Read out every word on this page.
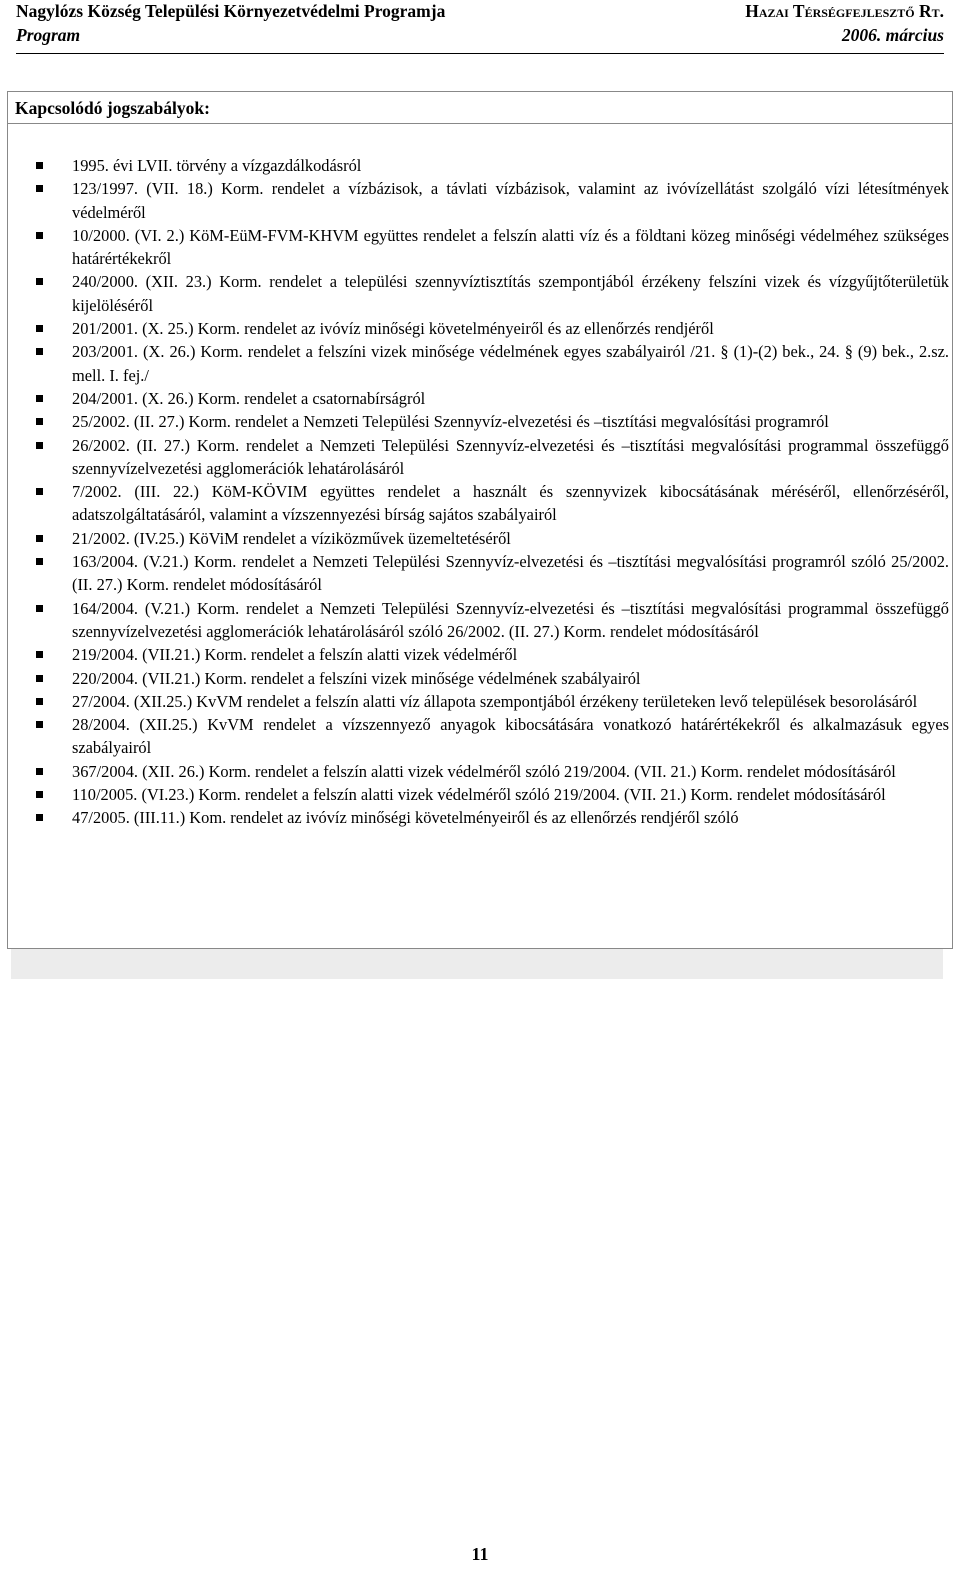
Nagylózs Község Települési Környezetvédelmi Programja	Hazai Térségfejlesztő Rt.
Program	2006. március
Kapcsolódó jogszabályok:
1995. évi LVII. törvény a vízgazdálkodásról
123/1997. (VII. 18.) Korm. rendelet a vízbázisok, a távlati vízbázisok, valamint az ivóvízellátást szolgáló vízi létesítmények védelméről
10/2000. (VI. 2.) KöM-EüM-FVM-KHVM együttes rendelet a felszín alatti víz és a földtani közeg minőségi védelméhez szükséges határértékekről
240/2000. (XII. 23.) Korm. rendelet a települési szennyvíztisztítás szempontjából érzékeny felszíni vizek és vízgyűjtőterületük kijelöléséről
201/2001. (X. 25.) Korm. rendelet az ivóvíz minőségi követelményeiről és az ellenőrzés rendjéről
203/2001. (X. 26.) Korm. rendelet a felszíni vizek minősége védelmének egyes szabályairól /21. § (1)-(2) bek., 24. § (9) bek., 2.sz. mell. I. fej./
204/2001. (X. 26.) Korm. rendelet a csatornabírságról
25/2002. (II. 27.) Korm. rendelet a Nemzeti Települési Szennyvíz-elvezetési és –tisztítási megvalósítási programról
26/2002. (II. 27.) Korm. rendelet a Nemzeti Települési Szennyvíz-elvezetési és –tisztítási megvalósítási programmal összefüggő szennyvízelvezetési agglomerációk lehatárolásáról
7/2002. (III. 22.) KöM-KÖVIM együttes rendelet a használt és szennyvizek kibocsátásának méréséről, ellenőrzéséről, adatszolgáltatásáról, valamint a vízszennyezési bírság sajátos szabályairól
21/2002. (IV.25.) KöViM rendelet a víziközművek üzemeltetéséről
163/2004. (V.21.) Korm. rendelet a Nemzeti Települési Szennyvíz-elvezetési és –tisztítási megvalósítási programról szóló 25/2002. (II. 27.) Korm. rendelet módosításáról
164/2004. (V.21.) Korm. rendelet a Nemzeti Települési Szennyvíz-elvezetési és –tisztítási megvalósítási programmal összefüggő szennyvízelvezetési agglomerációk lehatárolásáról szóló 26/2002. (II. 27.) Korm. rendelet módosításáról
219/2004. (VII.21.) Korm. rendelet a felszín alatti vizek védelméről
220/2004. (VII.21.) Korm. rendelet a felszíni vizek minősége védelmének szabályairól
27/2004. (XII.25.) KvVM rendelet a felszín alatti víz állapota szempontjából érzékeny területeken levő települések besorolásáról
28/2004. (XII.25.) KvVM rendelet a vízszennyező anyagok kibocsátására vonatkozó határértékekről és alkalmazásuk egyes szabályairól
367/2004. (XII. 26.) Korm. rendelet a felszín alatti vizek védelméről szóló 219/2004. (VII. 21.) Korm. rendelet módosításáról
110/2005. (VI.23.) Korm. rendelet a felszín alatti vizek védelméről szóló 219/2004. (VII. 21.) Korm. rendelet módosításáról
47/2005. (III.11.) Kom. rendelet az ivóvíz minőségi követelményeiről és az ellenőrzés rendjéről szóló
11
